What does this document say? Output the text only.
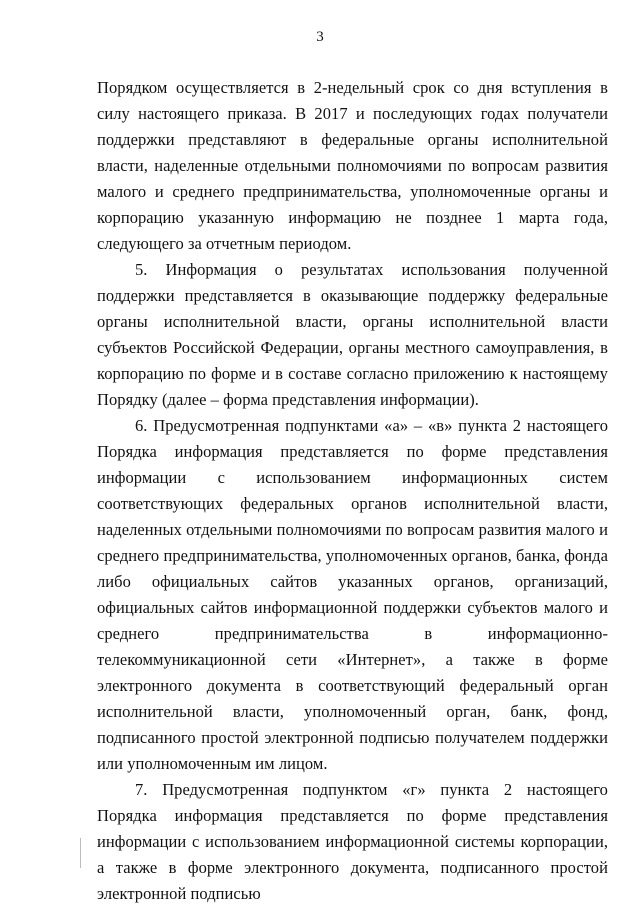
3

Порядком осуществляется в 2-недельный срок со дня вступления в силу настоящего приказа. В 2017 и последующих годах получатели поддержки представляют в федеральные органы исполнительной власти, наделенные отдельными полномочиями по вопросам развития малого и среднего предпринимательства, уполномоченные органы и корпорацию указанную информацию не позднее 1 марта года, следующего за отчетным периодом.

5. Информация о результатах использования полученной поддержки представляется в оказывающие поддержку федеральные органы исполнительной власти, органы исполнительной власти субъектов Российской Федерации, органы местного самоуправления, в корпорацию по форме и в составе согласно приложению к настоящему Порядку (далее – форма представления информации).

6. Предусмотренная подпунктами «а» – «в» пункта 2 настоящего Порядка информация представляется по форме представления информации с использованием информационных систем соответствующих федеральных органов исполнительной власти, наделенных отдельными полномочиями по вопросам развития малого и среднего предпринимательства, уполномоченных органов, банка, фонда либо официальных сайтов указанных органов, организаций, официальных сайтов информационной поддержки субъектов малого и среднего предпринимательства в информационно-телекоммуникационной сети «Интернет», а также в форме электронного документа в соответствующий федеральный орган исполнительной власти, уполномоченный орган, банк, фонд, подписанного простой электронной подписью получателем поддержки или уполномоченным им лицом.

7. Предусмотренная подпунктом «г» пункта 2 настоящего Порядка информация представляется по форме представления информации с использованием информационной системы корпорации, а также в форме электронного документа, подписанного простой электронной подписью
